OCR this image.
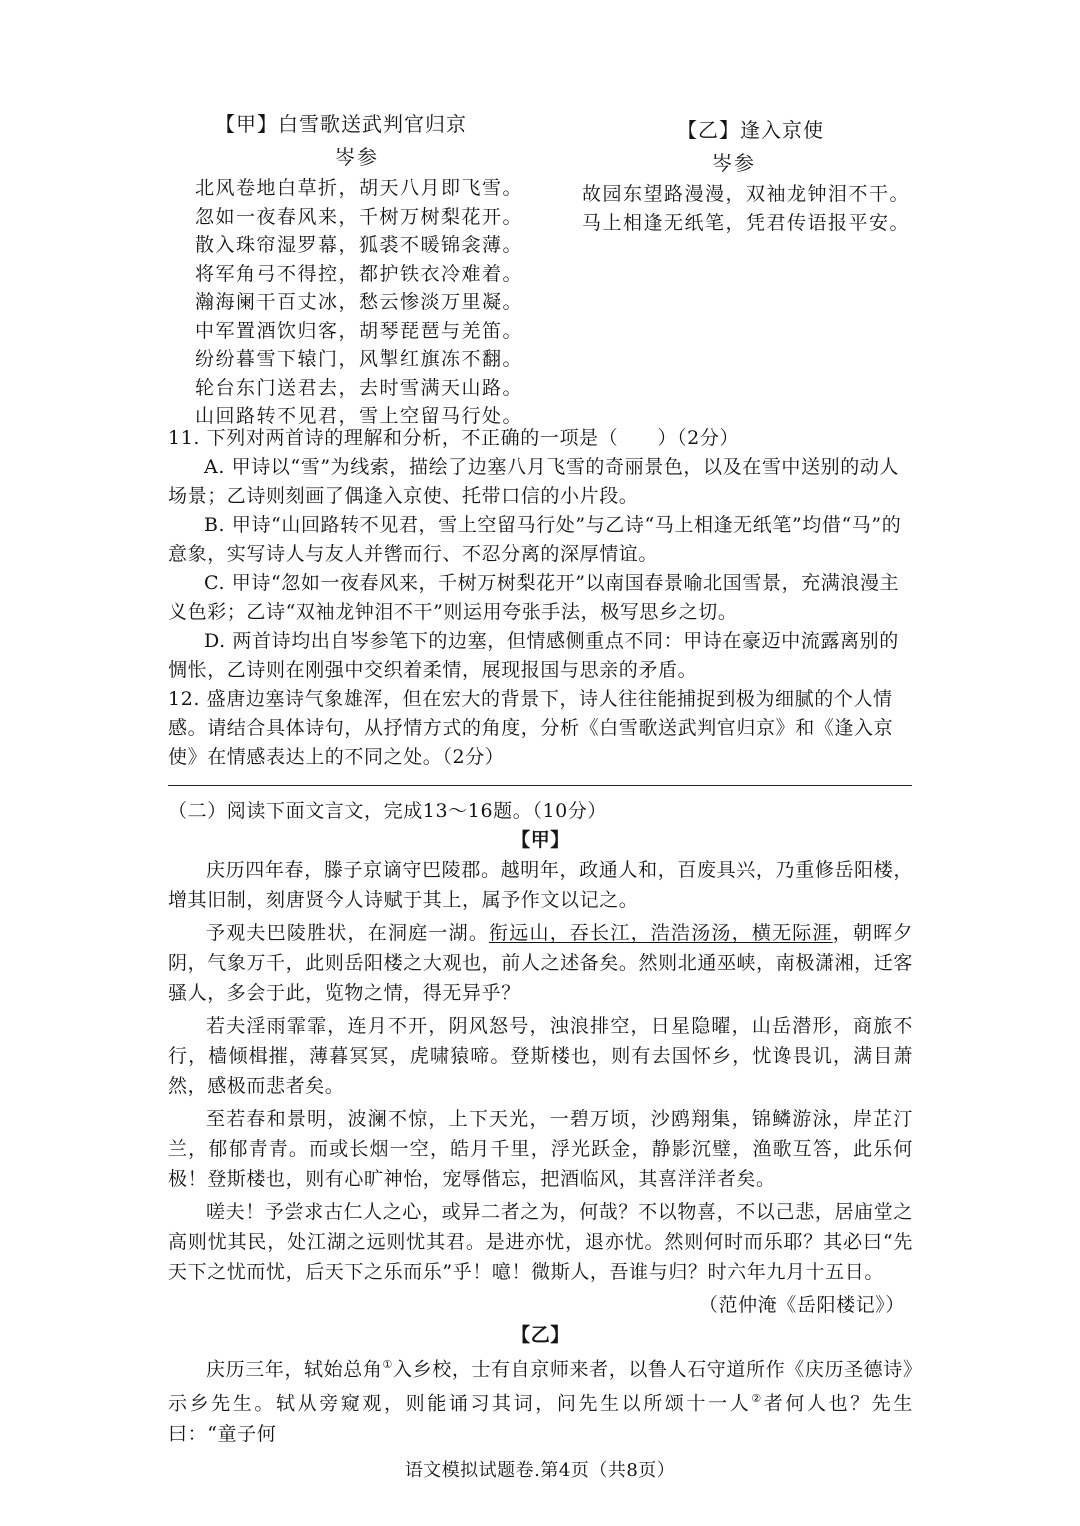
【甲】白雪歌送武判官归京
岑参
北风卷地白草折，胡天八月即飞雪。
忽如一夜春风来，千树万树梨花开。
散入珠帘湿罗幕，狐裘不暖锦衾薄。
将军角弓不得控，都护铁衣冷难着。
瀚海阑干百丈冰，愁云惨淡万里凝。
中军置酒饮归客，胡琴琵琶与羌笛。
纷纷暮雪下辕门，风掣红旗冻不翻。
轮台东门送君去，去时雪满天山路。
山回路转不见君，雪上空留马行处。
【乙】逢入京使
岑参
故园东望路漫漫，双袖龙钟泪不干。
马上相逢无纸笔，凭君传语报平安。

11. 下列对两首诗的理解和分析，不正确的一项是（　　）（2分）

A. 甲诗以“雪”为线索，描绘了边塞八月飞雪的奇丽景色，以及在雪中送别的动人场景；乙诗则刻画了偶逢入京使、托带口信的小片段。

B. 甲诗“山回路转不见君，雪上空留马行处”与乙诗“马上相逢无纸笔”均借“马”的意象，实写诗人与友人并辔而行、不忍分离的深厚情谊。

C. 甲诗“忽如一夜春风来，千树万树梨花开”以南国春景喻北国雪景，充满浪漫主义色彩；乙诗“双袖龙钟泪不干”则运用夸张手法，极写思乡之切。

D. 两首诗均出自岑参笔下的边塞，但情感侧重点不同：甲诗在豪迈中流露离别的惆怅，乙诗则在刚强中交织着柔情，展现报国与思亲的矛盾。

12. 盛唐边塞诗气象雄浑，但在宏大的背景下，诗人往往能捕捉到极为细腻的个人情感。请结合具体诗句，从抒情方式的角度，分析《白雪歌送武判官归京》和《逢入京使》在情感表达上的不同之处。（2分）

（二）阅读下面文言文，完成13～16题。（10分）
【甲】

庆历四年春，滕子京谪守巴陵郡。越明年，政通人和，百废具兴，乃重修岳阳楼，增其旧制，刻唐贤今人诗赋于其上，属予作文以记之。

予观夫巴陵胜状，在洞庭一湖。衔远山，吞长江，浩浩汤汤，横无际涯，朝晖夕阴，气象万千，此则岳阳楼之大观也，前人之述备矣。然则北通巫峡，南极潇湘，迁客骚人，多会于此，览物之情，得无异乎？

若夫淫雨霏霏，连月不开，阴风怒号，浊浪排空，日星隐曜，山岳潜形，商旅不行，樯倾楫摧，薄暮冥冥，虎啸猿啼。登斯楼也，则有去国怀乡，忧谗畏讥，满目萧然，感极而悲者矣。

至若春和景明，波澜不惊，上下天光，一碧万顷，沙鸥翔集，锦鳞游泳，岸芷汀兰，郁郁青青。而或长烟一空，皓月千里，浮光跃金，静影沉璧，渔歌互答，此乐何极！登斯楼也，则有心旷神怡，宠辱偕忘，把酒临风，其喜洋洋者矣。

嗟夫！予尝求古仁人之心，或异二者之为，何哉？不以物喜，不以己悲，居庙堂之高则忧其民，处江湖之远则忧其君。是进亦忧，退亦忧。然则何时而乐耶？其必曰“先天下之忧而忧，后天下之乐而乐”乎！噫！微斯人，吾谁与归？时六年九月十五日。

（范仲淹《岳阳楼记》）
【乙】

庆历三年，轼始总角①入乡校，士有自京师来者，以鲁人石守道所作《庆历圣德诗》示乡先生。轼从旁窥观，则能诵习其词，问先生以所颂十一人②者何人也？先生曰：“童子何

语文模拟试题卷.第4页（共8页）
